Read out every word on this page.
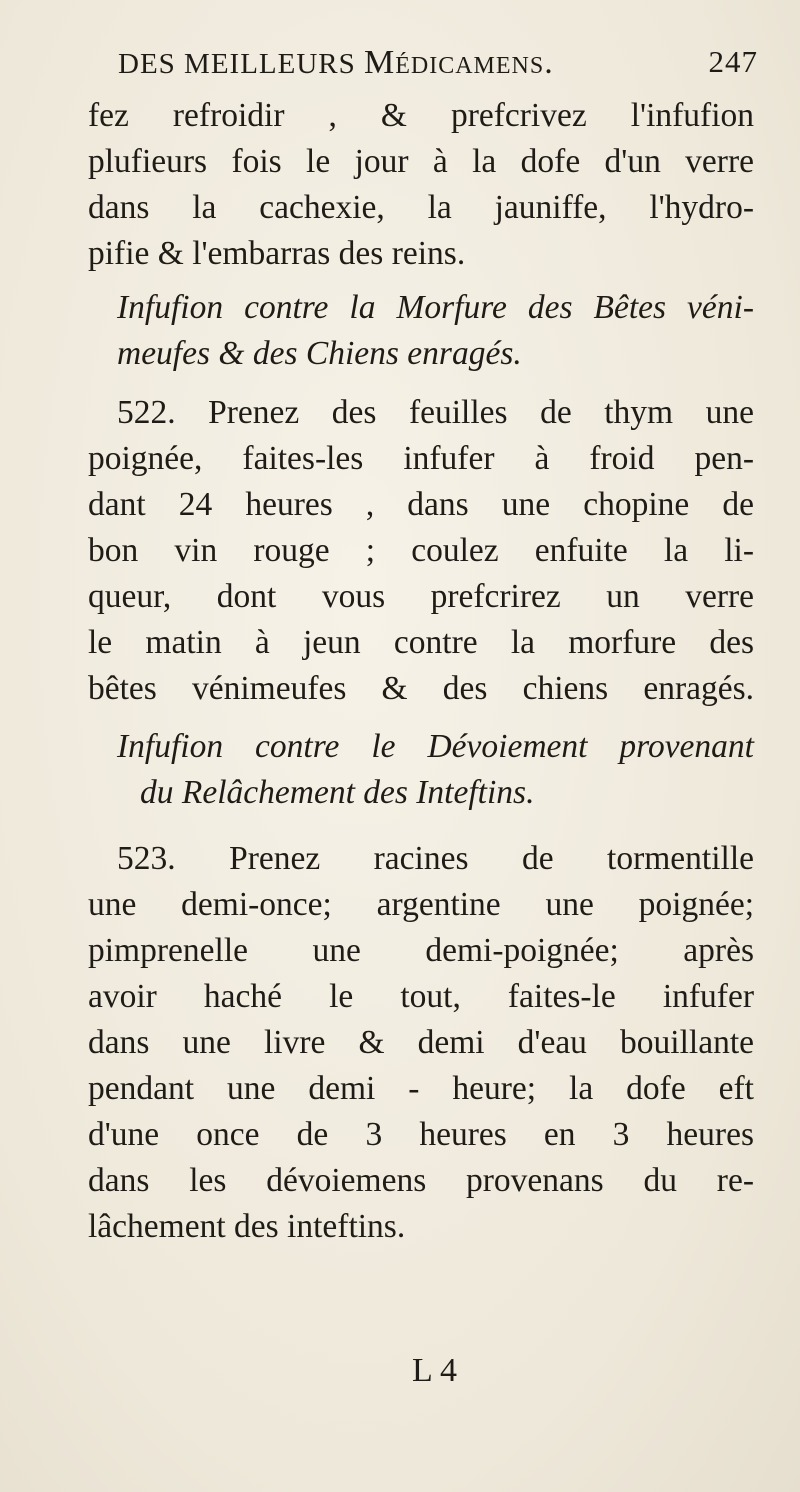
DES MEILLEURS Médicamens.	247
fez refroidir , & prefcrivez l'infufion
plufieurs fois le jour à la dofe d'un verre
dans la cachexie, la jauniffe, l'hydro-
pifie & l'embarras des reins.
Infufion contre la Morfure des Bêtes véni-
meufes & des Chiens enragés.
522. Prenez des feuilles de thym une
poignée, faites-les infufer à froid pen-
dant 24 heures , dans une chopine de
bon vin rouge ; coulez enfuite la li-
queur, dont vous prefcrirez un verre
le matin à jeun contre la morfure des
bêtes vénimeufes & des chiens enragés.
Infufion contre le Dévoiement provenant
du Relâchement des Inteftins.
523. Prenez racines de tormentille
une demi-once; argentine une poignée;
pimprenelle une demi-poignée; après
avoir haché le tout, faites-le infufer
dans une livre & demi d'eau bouillante
pendant une demi - heure; la dofe eft
d'une once de 3 heures en 3 heures
dans les dévoiemens provenans du re-
lâchement des inteftins.
L 4
